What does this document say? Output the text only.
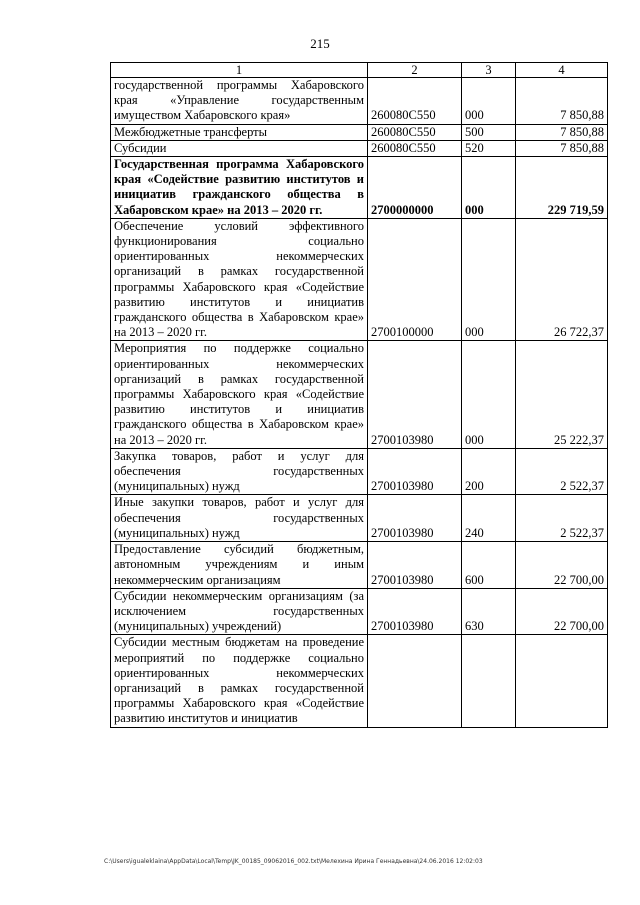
215
1	2	3	4
государственной программы Хабаровского края «Управление государственным имуществом Хабаровского края»	260080С550	000	7 850,88
Межбюджетные трансферты	260080С550	500	7 850,88
Субсидии	260080С550	520	7 850,88
Государственная программа Хабаровского края «Содействие развитию институтов и инициатив гражданского общества в Хабаровском крае» на 2013 – 2020 гг.	2700000000	000	229 719,59
Обеспечение условий эффективного функционирования социально ориентированных некоммерческих организаций в рамках государственной программы Хабаровского края «Содействие развитию институтов и инициатив гражданского общества в Хабаровском крае» на 2013 – 2020 гг.	2700100000	000	26 722,37
Мероприятия по поддержке социально ориентированных некоммерческих организаций в рамках государственной программы Хабаровского края «Содействие развитию институтов и инициатив гражданского общества в Хабаровском крае» на 2013 – 2020 гг.	2700103980	000	25 222,37
Закупка товаров, работ и услуг для обеспечения государственных (муниципальных) нужд	2700103980	200	2 522,37
Иные закупки товаров, работ и услуг для обеспечения государственных (муниципальных) нужд	2700103980	240	2 522,37
Предоставление субсидий бюджетным, автономным учреждениям и иным некоммерческим организациям	2700103980	600	22 700,00
Субсидии некоммерческим организациям (за исключением государственных (муниципальных) учреждений)	2700103980	630	22 700,00
Субсидии местным бюджетам на проведение мероприятий по поддержке социально ориентированных некоммерческих организаций в рамках государственной программы Хабаровского края «Содействие развитию институтов и инициатив			
C:\Users\igualeklaina\AppData\Local\Temp\JK_00185_09062016_002.txt\Мелехина Ирина Геннадьевна\24.06.2016 12:02:03
